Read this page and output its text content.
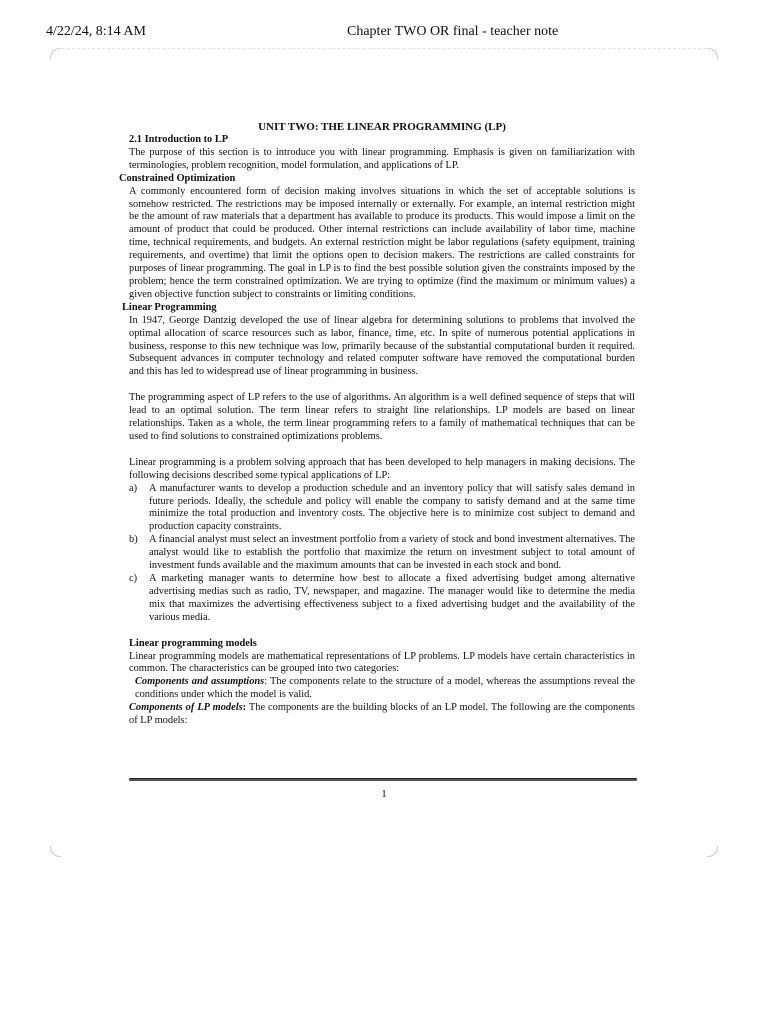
4/22/24, 8:14 AM	Chapter TWO OR final - teacher note

UNIT TWO: THE LINEAR PROGRAMMING (LP)

2.1 Introduction to LP

The purpose of this section is to introduce you with linear programming. Emphasis is given on familiarization with terminologies, problem recognition, model formulation, and applications of LP.

Constrained Optimization

A commonly encountered form of decision making involves situations in which the set of acceptable solutions is somehow restricted. The restrictions may be imposed internally or externally. For example, an internal restriction might be the amount of raw materials that a department has available to produce its products. This would impose a limit on the amount of product that could be produced. Other internal restrictions can include availability of labor time, machine time, technical requirements, and budgets. An external restriction might be labor regulations (safety equipment, training requirements, and overtime) that limit the options open to decision makers. The restrictions are called constraints for purposes of linear programming. The goal in LP is to find the best possible solution given the constraints imposed by the problem; hence the term constrained optimization. We are trying to optimize (find the maximum or minimum values) a given objective function subject to constraints or limiting conditions.

Linear Programming

In 1947, George Dantzig developed the use of linear algebra for determining solutions to problems that involved the optimal allocation of scarce resources such as labor, finance, time, etc. In spite of numerous potential applications in business, response to this new technique was low, primarily because of the substantial computational burden it required. Subsequent advances in computer technology and related computer software have removed the computational burden and this has led to widespread use of linear programming in business.

The programming aspect of LP refers to the use of algorithms. An algorithm is a well defined sequence of steps that will lead to an optimal solution. The term linear refers to straight line relationships. LP models are based on linear relationships. Taken as a whole, the term linear programming refers to a family of mathematical techniques that can be used to find solutions to constrained optimizations problems.

Linear programming is a problem solving approach that has been developed to help managers in making decisions. The following decisions described some typical applications of LP:

a) A manufacturer wants to develop a production schedule and an inventory policy that will satisfy sales demand in future periods. Ideally, the schedule and policy will enable the company to satisfy demand and at the same time minimize the total production and inventory costs. The objective here is to minimize cost subject to demand and production capacity constraints.
b) A financial analyst must select an investment portfolio from a variety of stock and bond investment alternatives. The analyst would like to establish the portfolio that maximize the return on investment subject to total amount of investment funds available and the maximum amounts that can be invested in each stock and bond.
c) A marketing manager wants to determine how best to allocate a fixed advertising budget among alternative advertising medias such as radio, TV, newspaper, and magazine. The manager would like to determine the media mix that maximizes the advertising effectiveness subject to a fixed advertising budget and the availability of the various media.

Linear programming models

Linear programming models are mathematical representations of LP problems. LP models have certain characteristics in common. The characteristics can be grouped into two categories:

Components and assumptions: The components relate to the structure of a model, whereas the assumptions reveal the conditions under which the model is valid.

Components of LP models: The components are the building blocks of an LP model. The following are the components of LP models:

1
